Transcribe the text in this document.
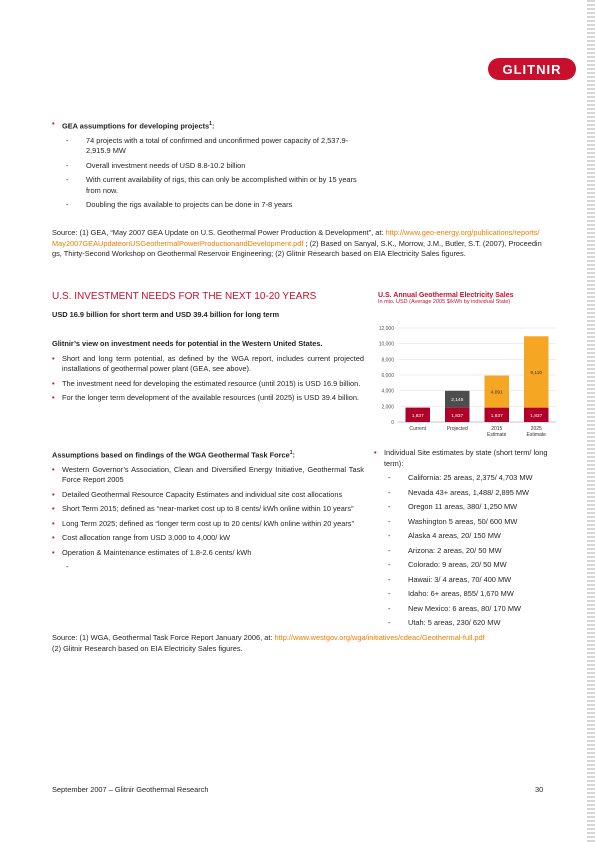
GLITNIR
• GEA assumptions for developing projects$^1$:
- 74 projects with a total of confirmed and unconfirmed power capacity of 2,537.9-2,915.9 MW
- Overall investment needs of USD 8.8-10.2 billion
- With current availability of rigs, this can only be accomplished within or by 15 years from now.
- Doubling the rigs available to projects can be done in 7-8 years
Source: (1) GEA, “May 2007 GEA Update on U.S. Geothermal Power Production & Development”, at: http://www.geo-energy.org/publications/reports/May2007GEAUpdateonUSGeothermalPowerProductionandDevelopment.pdf ; (2) Based on Sanyal, S.K., Morrow, J.M., Butler, S.T. (2007), Proceedings, Thirty-Second Workshop on Geothermal Reservoir Engineering; (2) Glitnir Research based on EIA Electricity Sales figures.
U.S. INVESTMENT NEEDS FOR THE NEXT 10-20 YEARS
USD 16.9 billion for short term and USD 39.4 billion for long term
Glitnir’s view on investment needs for potential in the Western United States.
• Short and long term potential, as defined by the WGA report, includes current projected installations of geothermal power plant (GEA, see above).
• The investment need for developing the estimated resource (until 2015) is USD 16.9 billion.
• For the longer term development of the available resources (until 2025) is USD 39.4 billion.
U.S. Annual Geothermal Electricity Sales
In mio. USD (Average 2005 $/kWh by individual State)
12,000
10,000
8,000
6,000
4,000
2,000
0
1,837
Current
1,837
2,145
Projected
1,837
4,091
2015
Estimate
1,837
9,110
2025
Estimate
Assumptions based on findings of the WGA Geothermal Task Force$^1$:
• Western Governor’s Association, Clean and Diversified Energy Initiative, Geothermal Task Force Report 2005
• Detailed Geothermal Resource Capacity Estimates and individual site cost allocations
• Short Term 2015; defined as “near-market cost up to 8 cents/ kWh online within 10 years”
• Long Term 2025; defined as “longer term cost up to 20 cents/ kWh online within 20 years”
• Cost allocation range from USD 3,000 to 4,000/ kW
• Operation & Maintenance estimates of 1.8-2.6 cents/ kWh
-
• Individual Site estimates by state (short term/ long term):
- California: 25 areas, 2,375/ 4,703 MW
- Nevada 43+ areas, 1,488/ 2,895 MW
- Oregon 11 areas, 380/ 1,250 MW
- Washington 5 areas, 50/ 600 MW
- Alaska 4 areas, 20/ 150 MW
- Arizona: 2 areas, 20/ 50 MW
- Colorado: 9 areas, 20/ 50 MW
- Hawaii: 3/ 4 areas, 70/ 400 MW
- Idaho: 6+ areas, 855/ 1,670 MW
- New Mexico: 6 areas, 80/ 170 MW
- Utah: 5 areas, 230/ 620 MW
Source: (1) WGA, Geothermal Task Force Report January 2006, at: http://www.westgov.org/wga/initiatives/cdeac/Geothermal-full.pdf
(2) Glitnir Research based on EIA Electricity Sales figures.
September 2007 – Glitnir Geothermal Research	30
